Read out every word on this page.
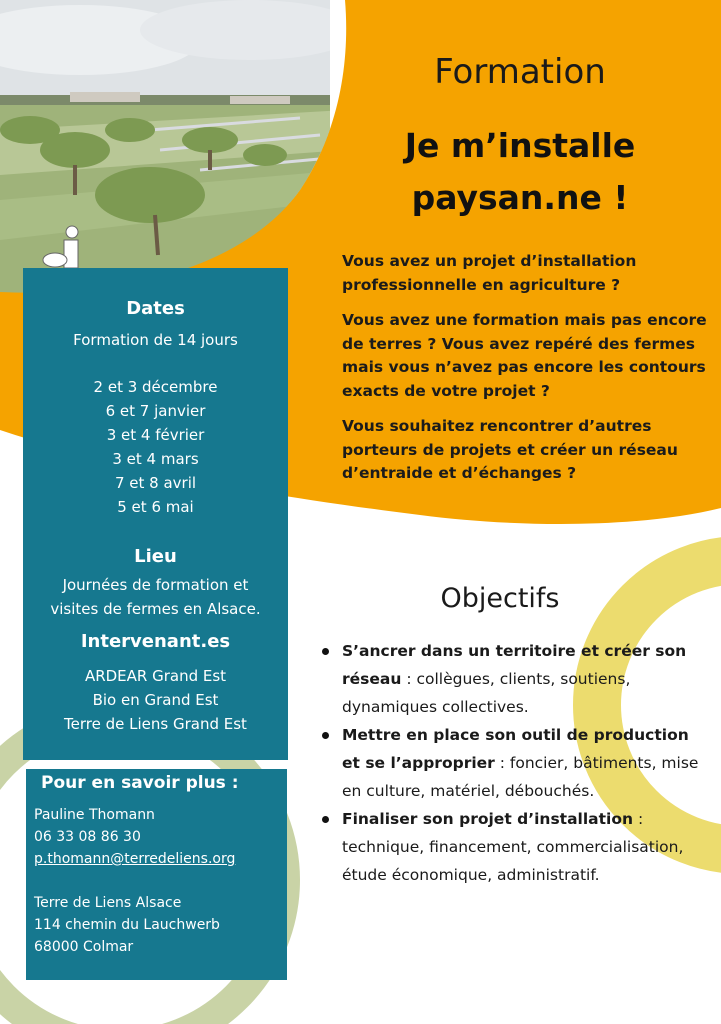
Formation
Je m’installe
paysan.ne !

Vous avez un projet d’installation professionnelle en agriculture ?

Vous avez une formation mais pas encore de terres ? Vous avez repéré des fermes mais vous n’avez pas encore les contours exacts de votre projet ?

Vous souhaitez rencontrer d’autres porteurs de projets et créer un réseau d’entraide et d’échanges ?

Dates
Formation de 14 jours
2 et 3 décembre
6 et 7 janvier
3 et 4 février
3 et 4 mars
7 et 8 avril
5 et 6 mai
Lieu
Journées de formation et
visites de fermes en Alsace.
Intervenant.es
ARDEAR Grand Est
Bio en Grand Est
Terre de Liens Grand Est
Pour en savoir plus :
Pauline Thomann
06 33 08 86 30
p.thomann@terredeliens.org

Terre de Liens Alsace
114 chemin du Lauchwerb
68000 Colmar
Objectifs
S’ancrer dans un territoire et créer son réseau : collègues, clients, soutiens, dynamiques collectives.
Mettre en place son outil de production et se l’approprier : foncier, bâtiments, mise en culture, matériel, débouchés.
Finaliser son projet d’installation : technique, financement, commercialisation, étude économique, administratif.
